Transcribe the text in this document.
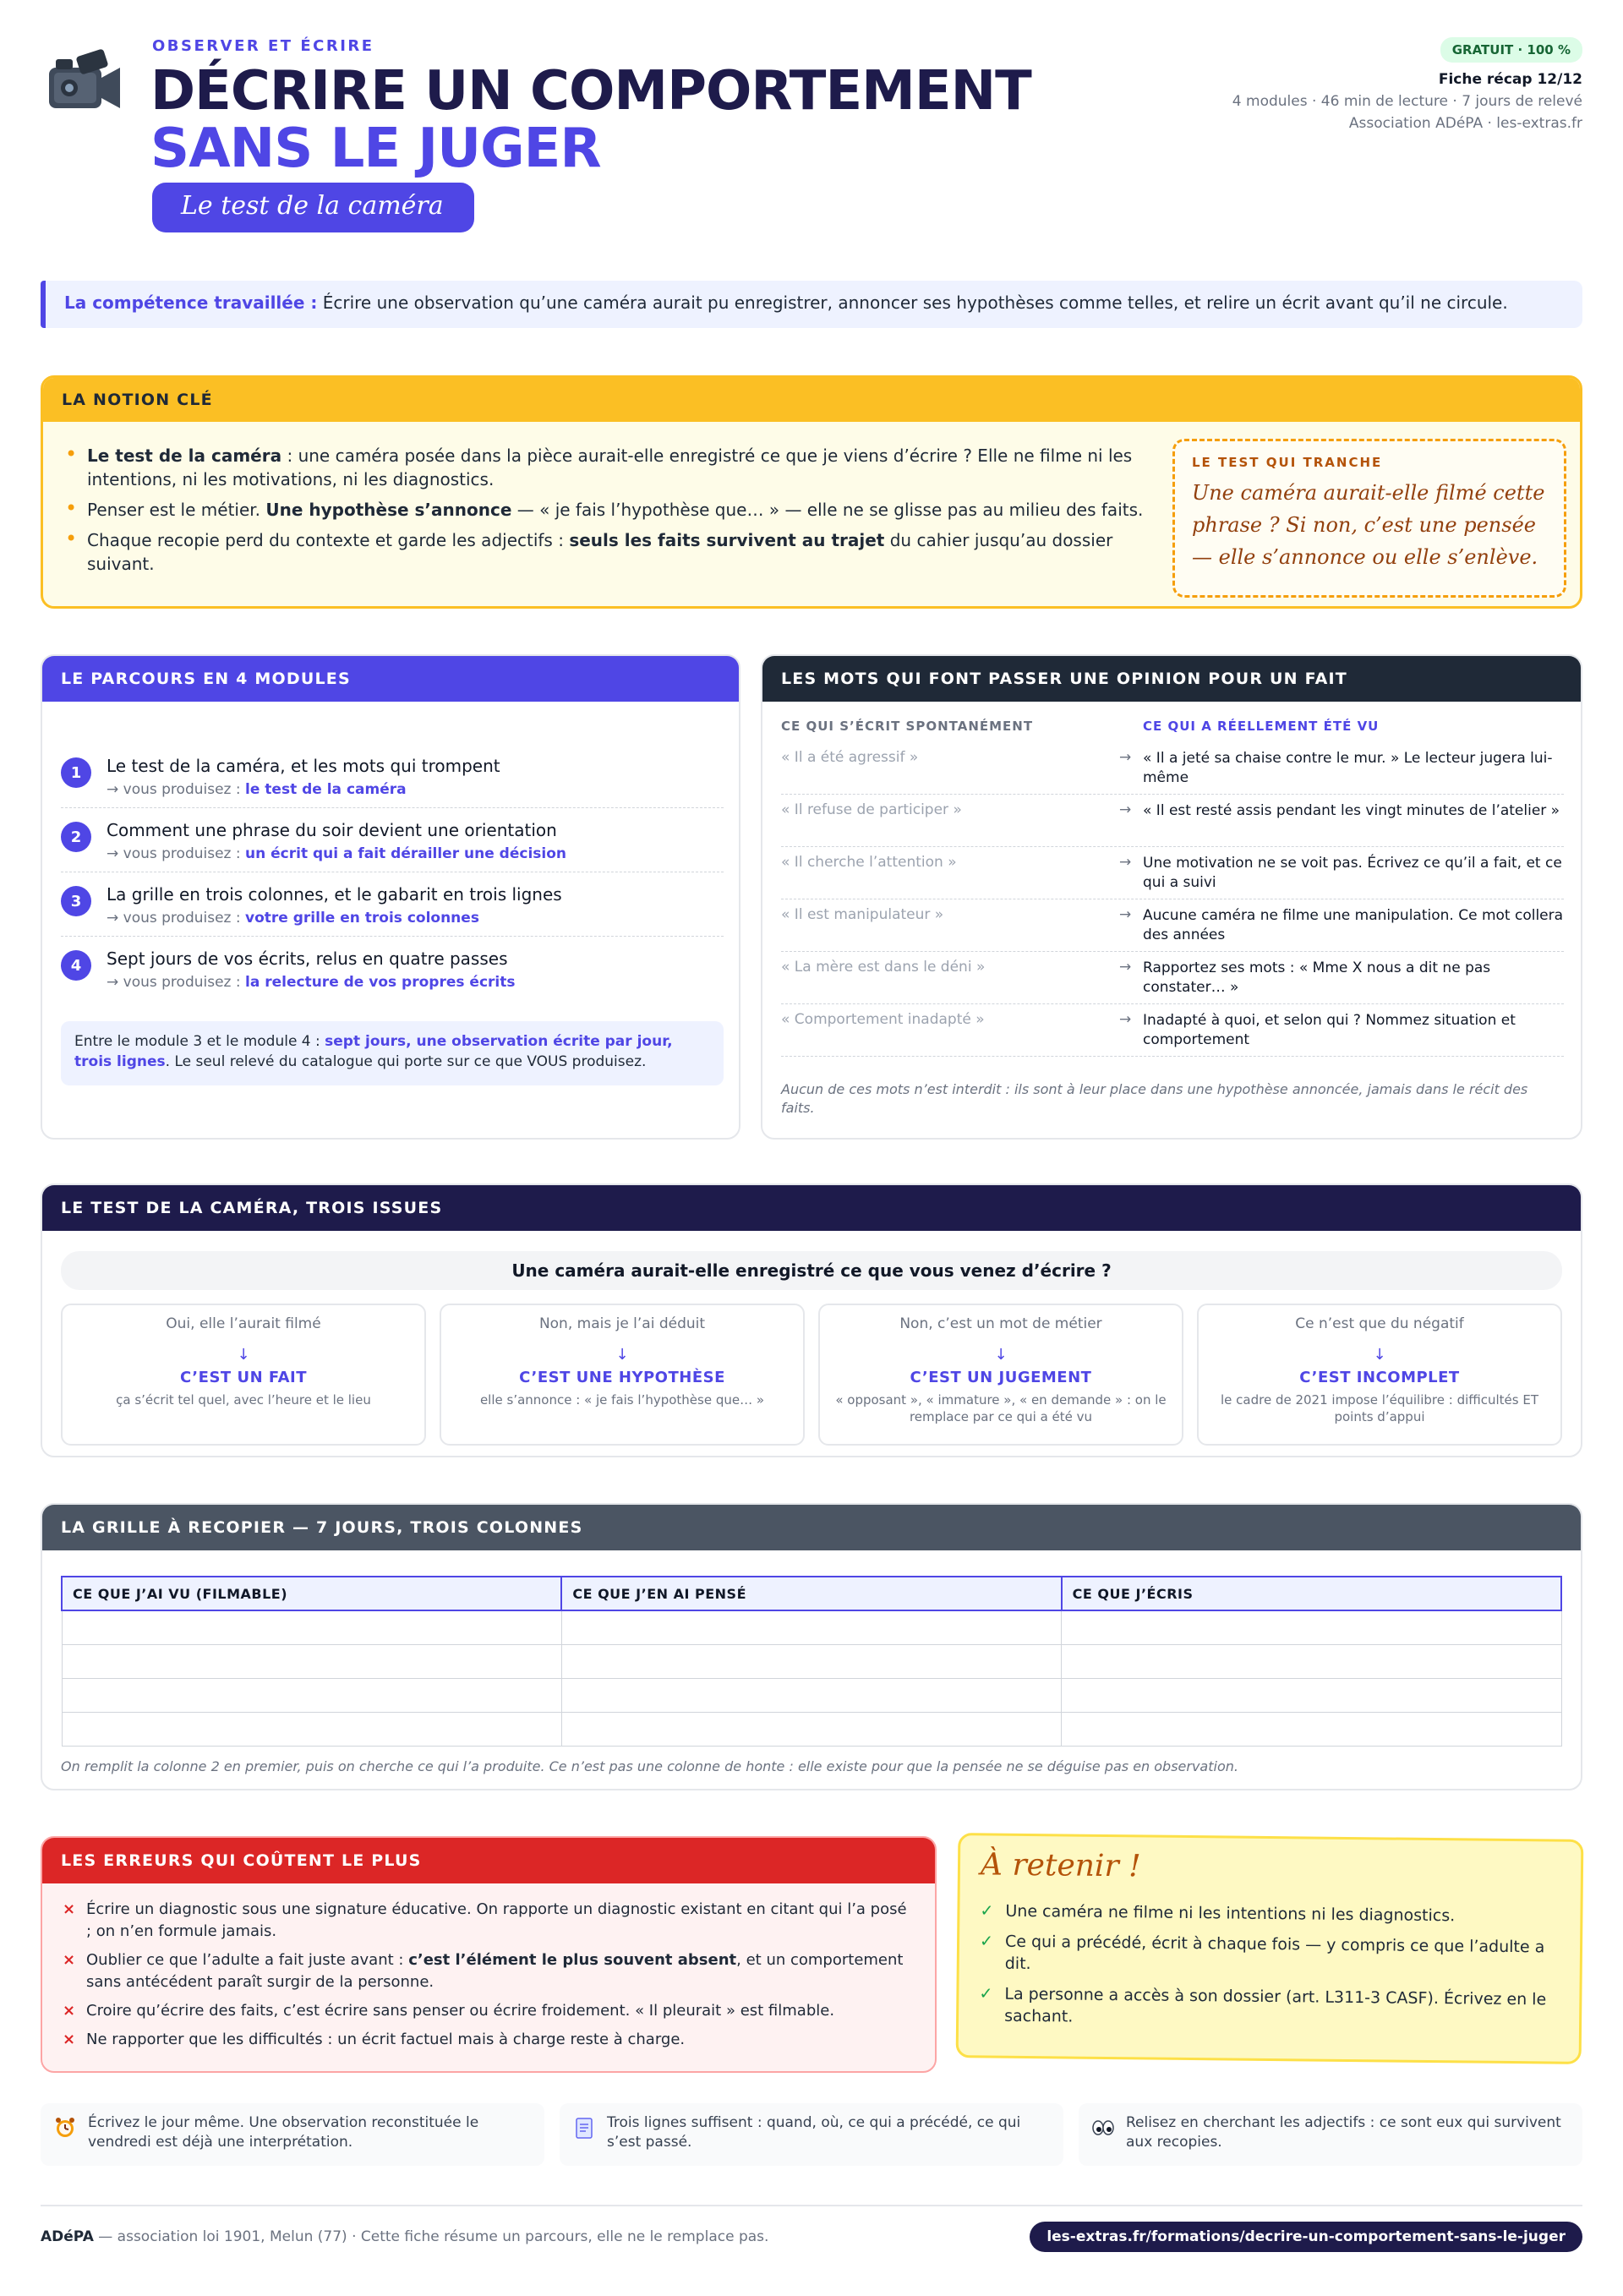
OBSERVER ET ÉCRIRE
DÉCRIRE UN COMPORTEMENT
SANS LE JUGER
Le test de la caméra
GRATUIT · 100 %
Fiche récap 12/12
4 modules · 46 min de lecture · 7 jours de relevé
Association ADéPA · les-extras.fr
La compétence travaillée : Écrire une observation qu’une caméra aurait pu enregistrer, annoncer ses hypothèses comme telles, et relire un écrit avant qu’il ne circule.
LA NOTION CLÉ
• Le test de la caméra : une caméra posée dans la pièce aurait-elle enregistré ce que je viens d’écrire ? Elle ne filme ni les intentions, ni les motivations, ni les diagnostics.
• Penser est le métier. Une hypothèse s’annonce — « je fais l’hypothèse que… » — elle ne se glisse pas au milieu des faits.
• Chaque recopie perd du contexte et garde les adjectifs : seuls les faits survivent au trajet du cahier jusqu’au dossier suivant.
LE TEST QUI TRANCHE
Une caméra aurait-elle filmé cette phrase ? Si non, c’est une pensée — elle s’annonce ou elle s’enlève.
LE PARCOURS EN 4 MODULES
1	Le test de la caméra, et les mots qui trompent
→ vous produisez : le test de la caméra
2	Comment une phrase du soir devient une orientation
→ vous produisez : un écrit qui a fait dérailler une décision
3	La grille en trois colonnes, et le gabarit en trois lignes
→ vous produisez : votre grille en trois colonnes
4	Sept jours de vos écrits, relus en quatre passes
→ vous produisez : la relecture de vos propres écrits
Entre le module 3 et le module 4 : sept jours, une observation écrite par jour, trois lignes. Le seul relevé du catalogue qui porte sur ce que VOUS produisez.
LES MOTS QUI FONT PASSER UNE OPINION POUR UN FAIT
CE QUI S’ÉCRIT SPONTANÉMENT	CE QUI A RÉELLEMENT ÉTÉ VU
« Il a été agressif »	→ « Il a jeté sa chaise contre le mur. » Le lecteur jugera lui-même
« Il refuse de participer »	→ « Il est resté assis pendant les vingt minutes de l’atelier »
« Il cherche l’attention »	→ Une motivation ne se voit pas. Écrivez ce qu’il a fait, et ce qui a suivi
« Il est manipulateur »	→ Aucune caméra ne filme une manipulation. Ce mot collera des années
« La mère est dans le déni »	→ Rapportez ses mots : « Mme X nous a dit ne pas constater… »
« Comportement inadapté »	→ Inadapté à quoi, et selon qui ? Nommez situation et comportement
Aucun de ces mots n’est interdit : ils sont à leur place dans une hypothèse annoncée, jamais dans le récit des faits.
LE TEST DE LA CAMÉRA, TROIS ISSUES
Une caméra aurait-elle enregistré ce que vous venez d’écrire ?
Oui, elle l’aurait filmé
↓
C’EST UN FAIT
ça s’écrit tel quel, avec l’heure et le lieu
Non, mais je l’ai déduit
↓
C’EST UNE HYPOTHÈSE
elle s’annonce : « je fais l’hypothèse que… »
Non, c’est un mot de métier
↓
C’EST UN JUGEMENT
« opposant », « immature », « en demande » : on le remplace par ce qui a été vu
Ce n’est que du négatif
↓
C’EST INCOMPLET
le cadre de 2021 impose l’équilibre : difficultés ET points d’appui
LA GRILLE À RECOPIER — 7 JOURS, TROIS COLONNES
CE QUE J’AI VU (FILMABLE)	CE QUE J’EN AI PENSÉ	CE QUE J’ÉCRIS

On remplit la colonne 2 en premier, puis on cherche ce qui l’a produite. Ce n’est pas une colonne de honte : elle existe pour que la pensée ne se déguise pas en observation.
LES ERREURS QUI COÛTENT LE PLUS
× Écrire un diagnostic sous une signature éducative. On rapporte un diagnostic existant en citant qui l’a posé ; on n’en formule jamais.
× Oublier ce que l’adulte a fait juste avant : c’est l’élément le plus souvent absent, et un comportement sans antécédent paraît surgir de la personne.
× Croire qu’écrire des faits, c’est écrire sans penser ou écrire froidement. « Il pleurait » est filmable.
× Ne rapporter que les difficultés : un écrit factuel mais à charge reste à charge.
À retenir !
✓ Une caméra ne filme ni les intentions ni les diagnostics.
✓ Ce qui a précédé, écrit à chaque fois — y compris ce que l’adulte a dit.
✓ La personne a accès à son dossier (art. L311-3 CASF). Écrivez en le sachant.
Écrivez le jour même. Une observation reconstituée le vendredi est déjà une interprétation.
Trois lignes suffisent : quand, où, ce qui a précédé, ce qui s’est passé.
Relisez en cherchant les adjectifs : ce sont eux qui survivent aux recopies.
ADéPA — association loi 1901, Melun (77) · Cette fiche résume un parcours, elle ne le remplace pas.	les-extras.fr/formations/decrire-un-comportement-sans-le-juger
